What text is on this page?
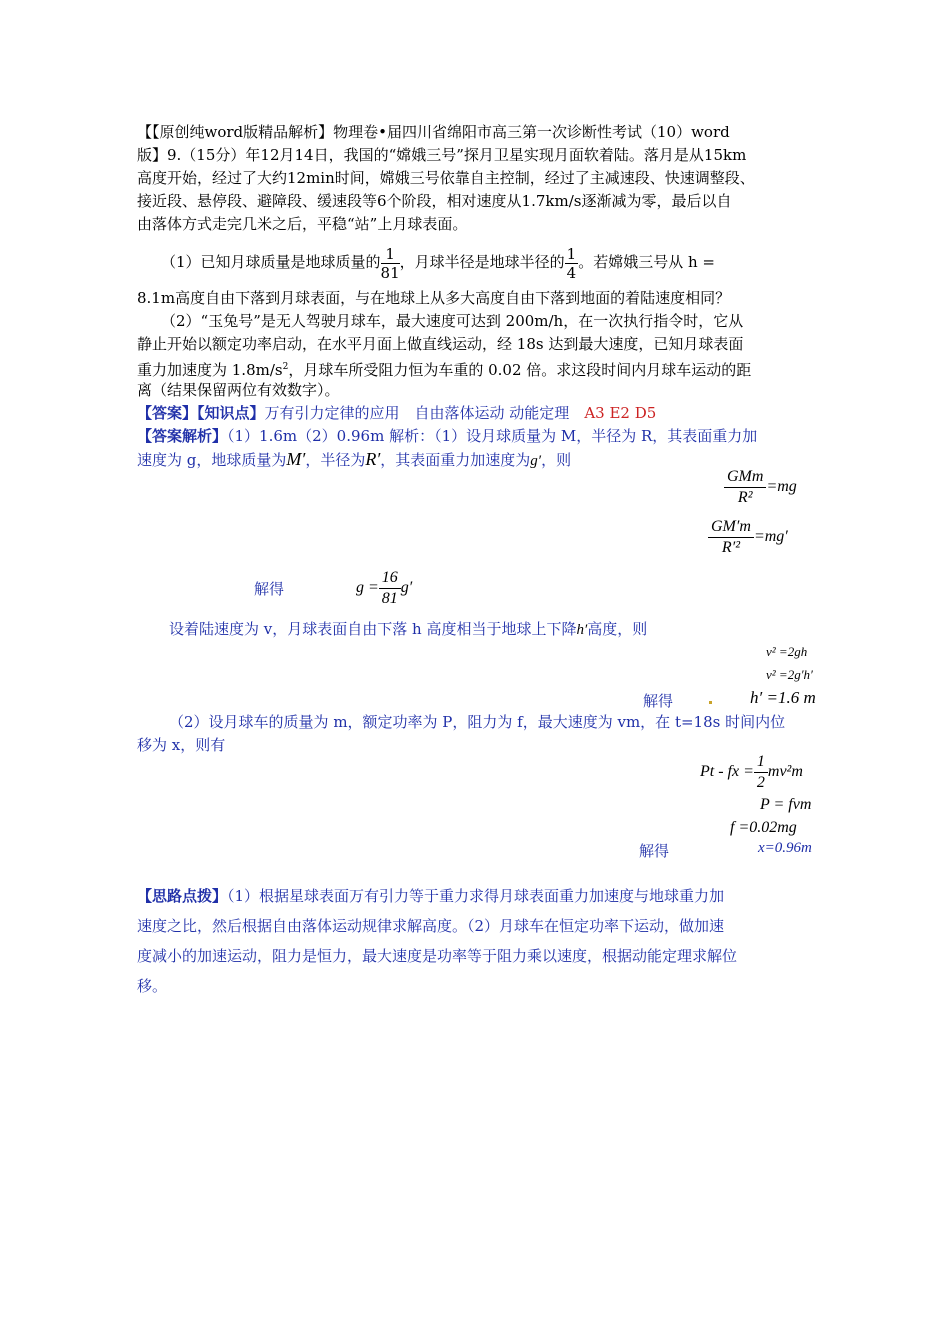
【【原创纯word版精品解析】物理卷•届四川省绵阳市高三第一次诊断性考试（10）word
版】9.（15分）年12月14日，我国的“嫦娥三号”探月卫星实现月面软着陆。落月是从15km
高度开始，经过了大约12min时间，嫦娥三号依靠自主控制，经过了主减速段、快速调整段、
接近段、悬停段、避障段、缓速段等6个阶段，相对速度从1.7km/s逐渐减为零，最后以自
由落体方式走完几米之后，平稳“站”上月球表面。
（1）已知月球质量是地球质量的 $\frac{1}{81}$ ，月球半径是地球半径的 $\frac{1}{4}$ 。若嫦娥三号从 h =
8.1m高度自由下落到月球表面，与在地球上从多大高度自由下落到地面的着陆速度相同？
（2）“玉兔号”是无人驾驶月球车，最大速度可达到 200m/h，在一次执行指令时，它从
静止开始以额定功率启动，在水平月面上做直线运动，经 18s 达到最大速度，已知月球表面
重力加速度为 $1.8m/s^2$，月球车所受阻力恒为车重的 0.02 倍。求这段时间内月球车运动的距
离（结果保留两位有效数字）。
【答案】【知识点】万有引力定律的应用　自由落体运动 动能定理　 A3 E2 D5
【答案解析】（1）1.6m（2）0.96m 解析：（1）设月球质量为 M，半径为 R，其表面重力加
速度为 g，地球质量为M′，半径为R′，其表面重力加速度为g′，则
GMm
R²
=mg
$\frac{GM'm}{\text{R′²}} =mg'$
解得	$g = \frac{16}{81} g'$
设着陆速度为 v，月球表面自由下落 h 高度相当于地球上下降h′高度，则
v² =2gh
v² =2g′h′
解得	h′ =1.6 m
（2）设月球车的质量为 m，额定功率为 P，阻力为 f，最大速度为 vm，在 t=18s 时间内位
移为 x，则有
Pt - fx = $\frac{1}{2} mv^2m$
P = fvm
f =0.02mg
解得	x=0.96m
【思路点拨】（1）根据星球表面万有引力等于重力求得月球表面重力加速度与地球重力加
速度之比，然后根据自由落体运动规律求解高度。（2）月球车在恒定功率下运动，做加速
度减小的加速运动，阻力是恒力，最大速度是功率等于阻力乘以速度，根据动能定理求解位
移。
